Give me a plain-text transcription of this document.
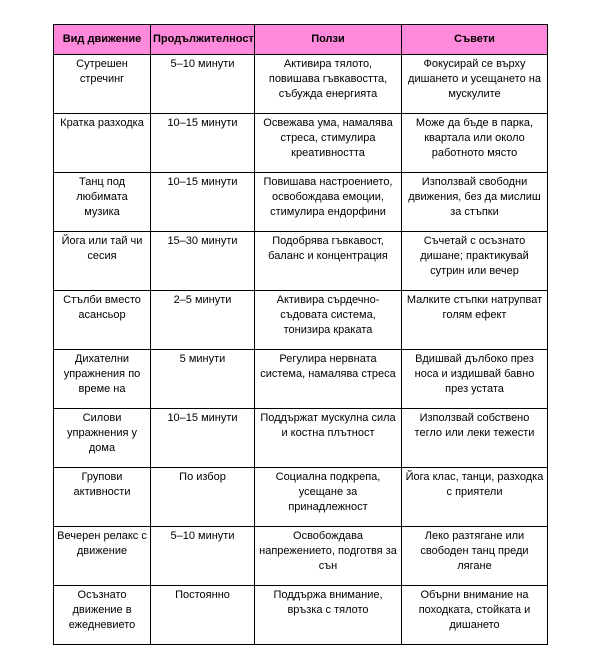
Вид движение	Продължителност	Ползи	Съвети
Сутрешен стречинг	5–10 минути	Активира тялото, повишава гъвкавостта, събужда енергията	Фокусирай се върху дишането и усещането на мускулите
Кратка разходка	10–15 минути	Освежава ума, намалява стреса, стимулира креативността	Може да бъде в парка, квартала или около работното място
Танц под любимата музика	10–15 минути	Повишава настроението, освобождава емоции, стимулира ендорфини	Използвай свободни движения, без да мислиш за стъпки
Йога или тай чи сесия	15–30 минути	Подобрява гъвкавост, баланс и концентрация	Съчетай с осъзнато дишане; практикувай сутрин или вечер
Стълби вместо асансьор	2–5 минути	Активира сърдечно-съдовата система, тонизира краката	Малките стъпки натрупват голям ефект
Дихателни упражнения по време на	5 минути	Регулира нервната система, намалява стреса	Вдишвай дълбоко през носа и издишвай бавно през устата
Силови упражнения у дома	10–15 минути	Поддържат мускулна сила и костна плътност	Използвай собствено тегло или леки тежести
Групови активности	По избор	Социална подкрепа, усещане за принадлежност	Йога клас, танци, разходка с приятели
Вечерен релакс с движение	5–10 минути	Освобождава напрежението, подготвя за сън	Леко разтягане или свободен танц преди лягане
Осъзнато движение в ежедневието	Постоянно	Поддържа внимание, връзка с тялото	Обърни внимание на походката, стойката и дишането
